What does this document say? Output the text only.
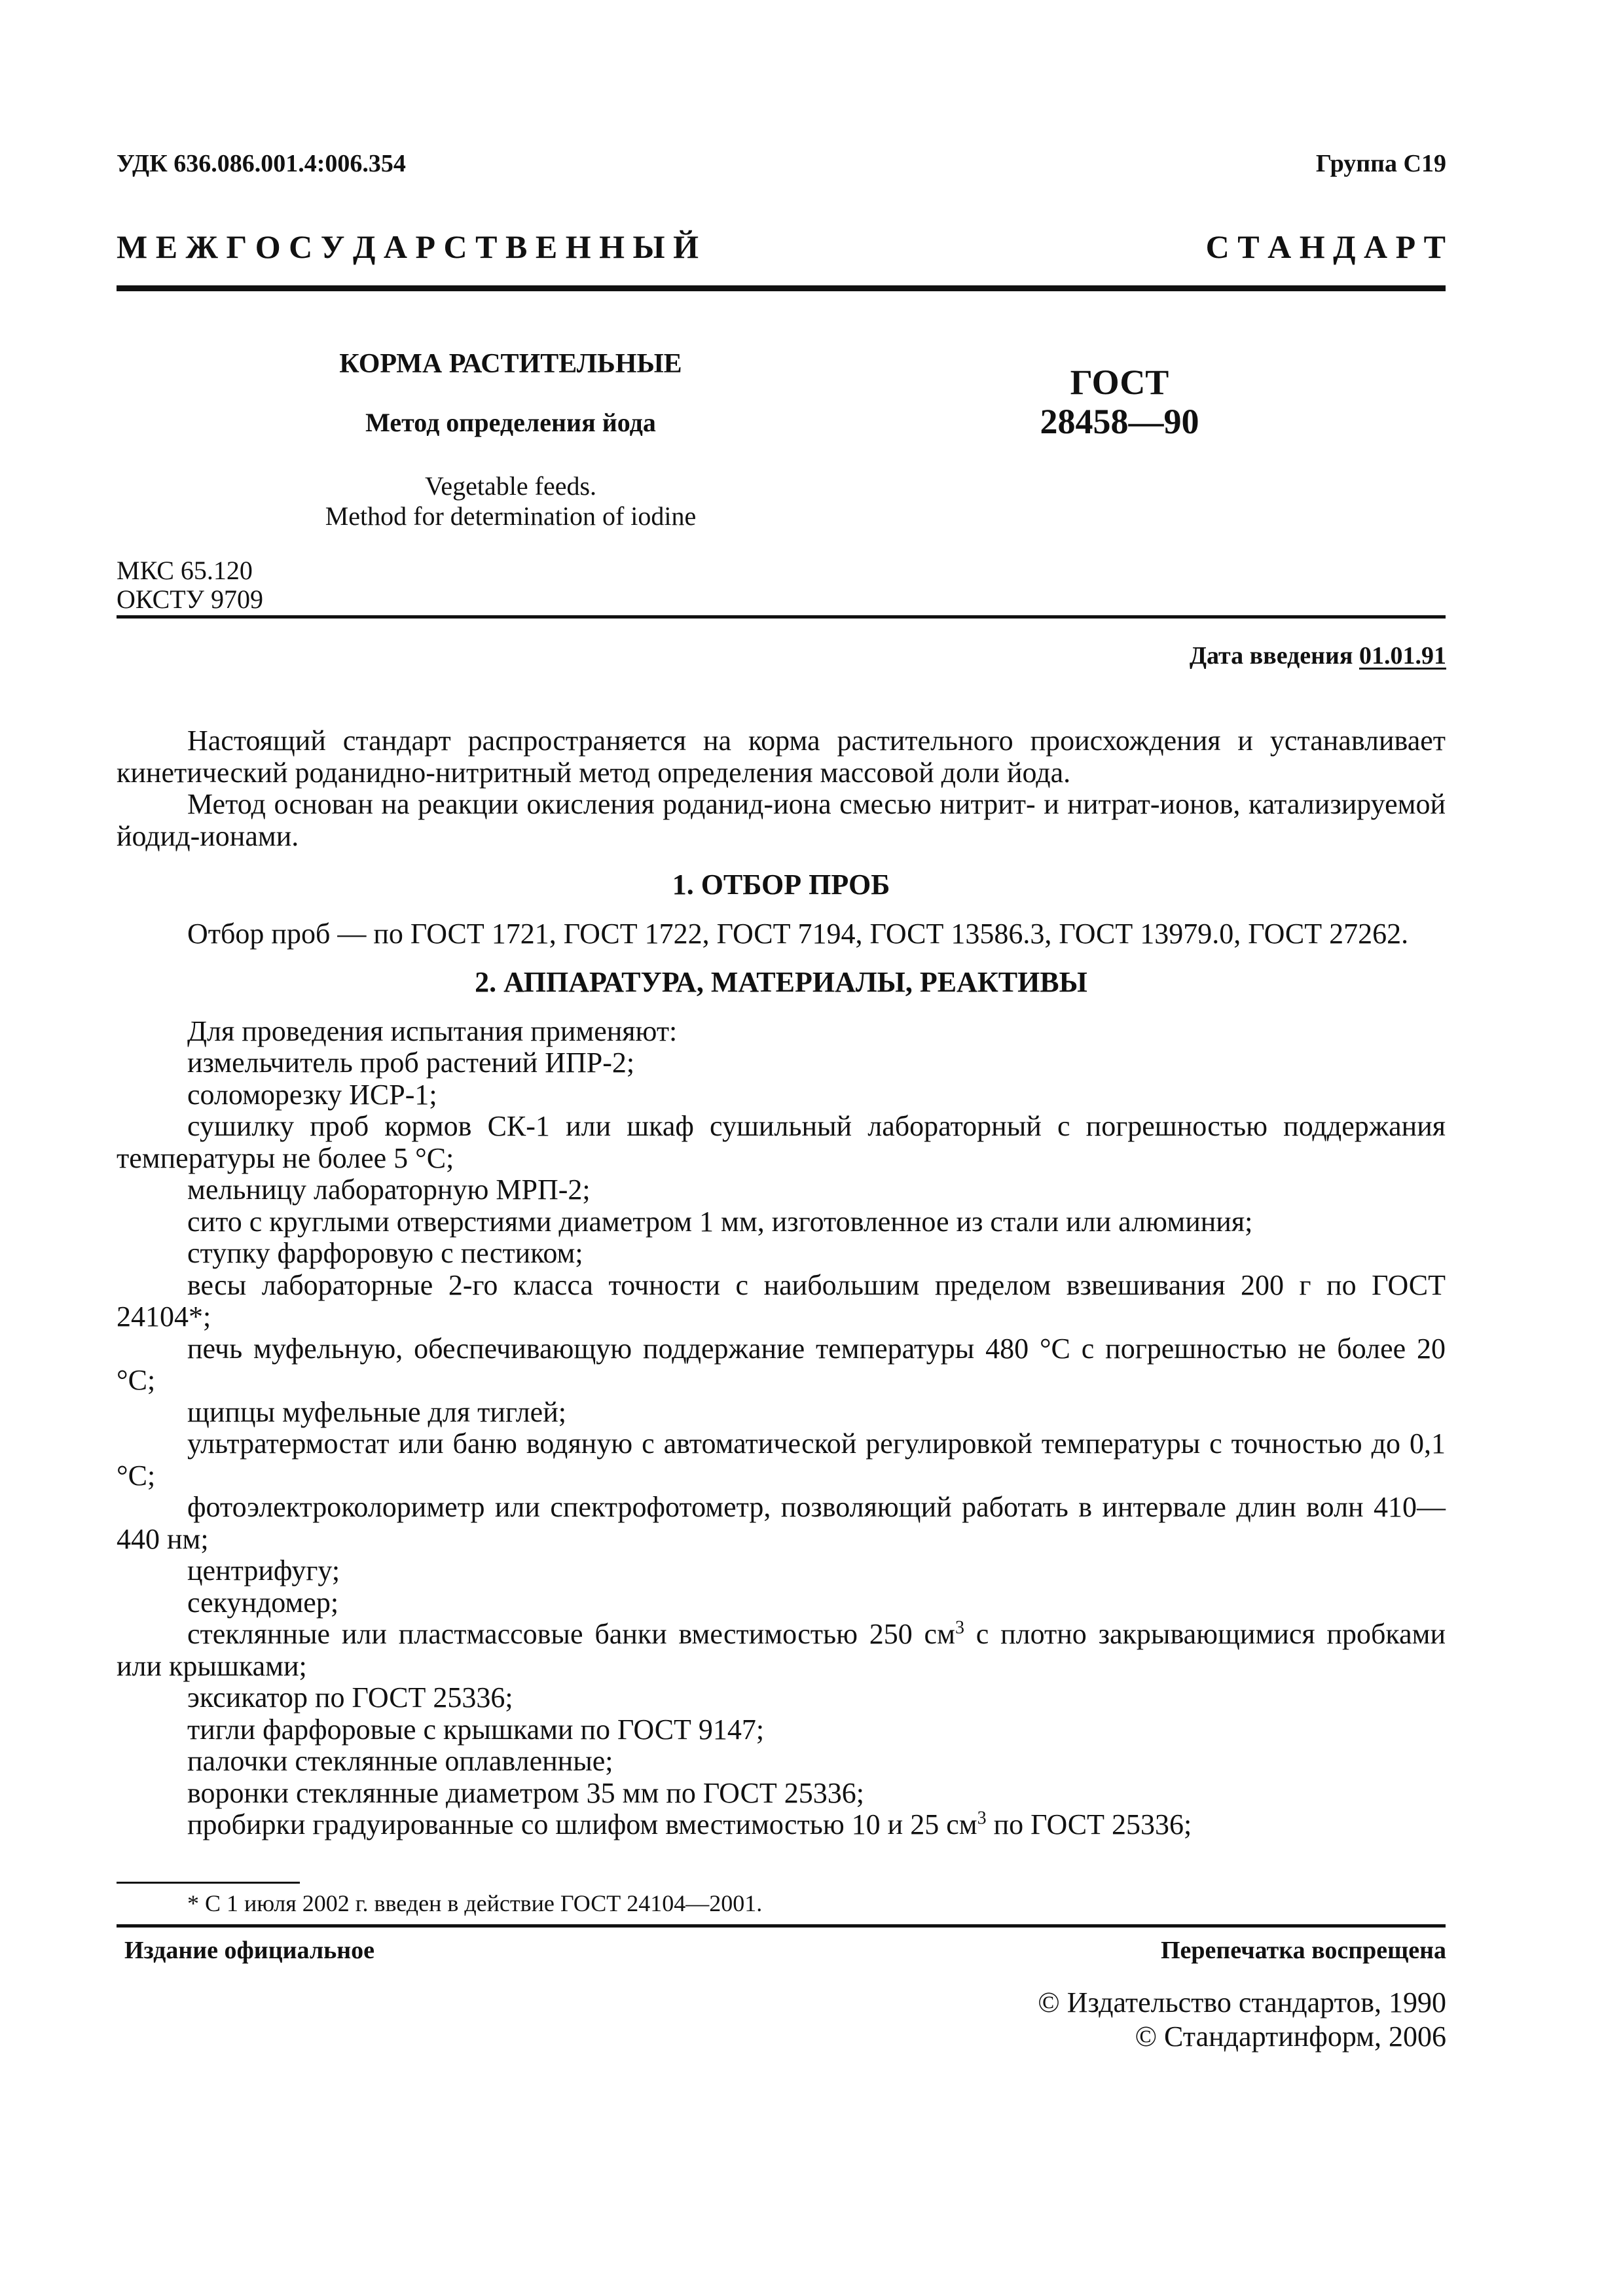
УДК 636.086.001.4:006.354	Группа С19
М Е Ж Г О С У Д А Р С Т В Е Н Н Ы Й	С Т А Н Д А Р Т
КОРМА РАСТИТЕЛЬНЫЕ
Метод определения йода
Vegetable feeds.
Method for determination of iodine
ГОСТ
28458—90
МКС 65.120
ОКСТУ 9709
Дата введения 01.01.91

Настоящий стандарт распространяется на корма растительного происхождения и устанавливает кинетический роданидно-нитритный метод определения массовой доли йода.

Метод основан на реакции окисления роданид-иона смесью нитрит- и нитрат-ионов, катализируемой йодид-ионами.

1. ОТБОР ПРОБ

Отбор проб — по ГОСТ 1721, ГОСТ 1722, ГОСТ 7194, ГОСТ 13586.3, ГОСТ 13979.0, ГОСТ 27262.

2. АППАРАТУРА, МАТЕРИАЛЫ, РЕАКТИВЫ

Для проведения испытания применяют:

измельчитель проб растений ИПР-2;

соломорезку ИСР-1;

сушилку проб кормов СК-1 или шкаф сушильный лабораторный с погрешностью поддержания температуры не более 5 °С;

мельницу лабораторную МРП-2;

сито с круглыми отверстиями диаметром 1 мм, изготовленное из стали или алюминия;

ступку фарфоровую с пестиком;

весы лабораторные 2-го класса точности с наибольшим пределом взвешивания 200 г по ГОСТ 24104*;

печь муфельную, обеспечивающую поддержание температуры 480 °С с погрешностью не более 20 °С;

щипцы муфельные для тиглей;

ультратермостат или баню водяную с автоматической регулировкой температуры с точностью до 0,1 °С;

фотоэлектроколориметр или спектрофотометр, позволяющий работать в интервале длин волн 410—440 нм;

центрифугу;

секундомер;

стеклянные или пластмассовые банки вместимостью 250 $см^3$ с плотно закрывающимися пробками или крышками;

эксикатор по ГОСТ 25336;

тигли фарфоровые с крышками по ГОСТ 9147;

палочки стеклянные оплавленные;

воронки стеклянные диаметром 35 мм по ГОСТ 25336;

пробирки градуированные со шлифом вместимостью 10 и 25 $см^3$ по ГОСТ 25336;

* С 1 июля 2002 г. введен в действие ГОСТ 24104—2001.
Издание официальное	Перепечатка воспрещена
© Издательство стандартов, 1990
© Стандартинформ, 2006
